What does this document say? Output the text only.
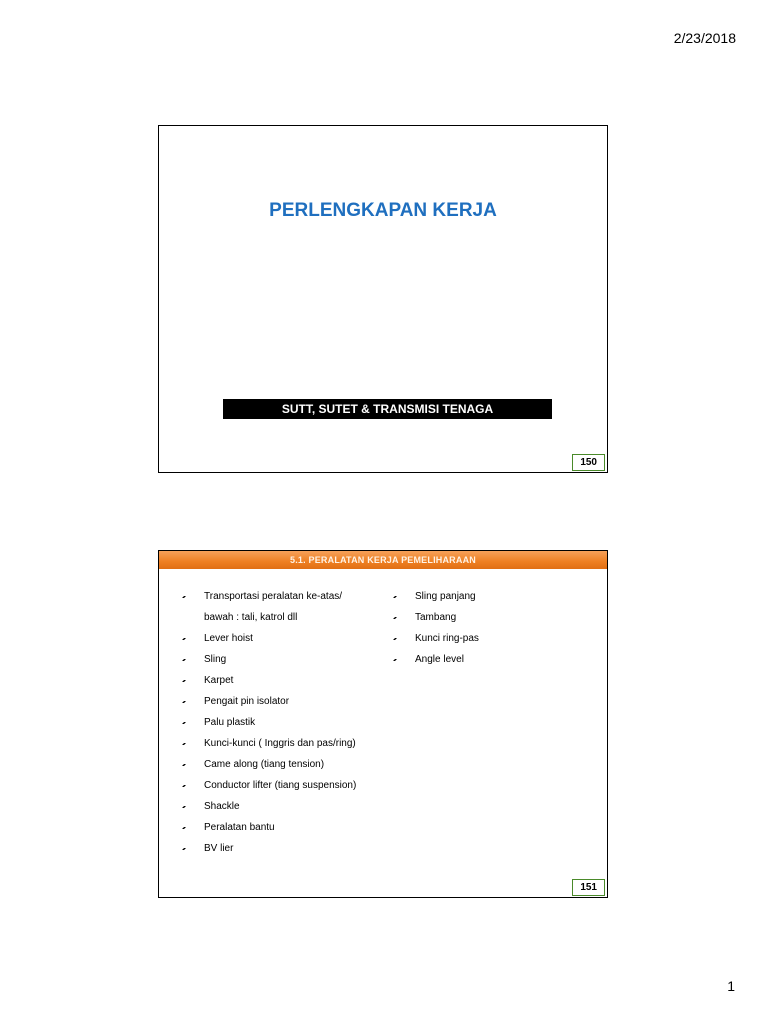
2/23/2018
PERLENGKAPAN KERJA
SUTT, SUTET & TRANSMISI TENAGA
150
5.1. PERALATAN KERJA PEMELIHARAAN
Transportasi peralatan ke-atas/
bawah : tali, katrol dll
Lever hoist
Sling
Karpet
Pengait pin isolator
Palu plastik
Kunci-kunci ( Inggris dan pas/ring)
Came along (tiang tension)
Conductor lifter (tiang suspension)
Shackle
Peralatan bantu
BV lier
Sling panjang
Tambang
Kunci ring-pas
Angle level
151
1
